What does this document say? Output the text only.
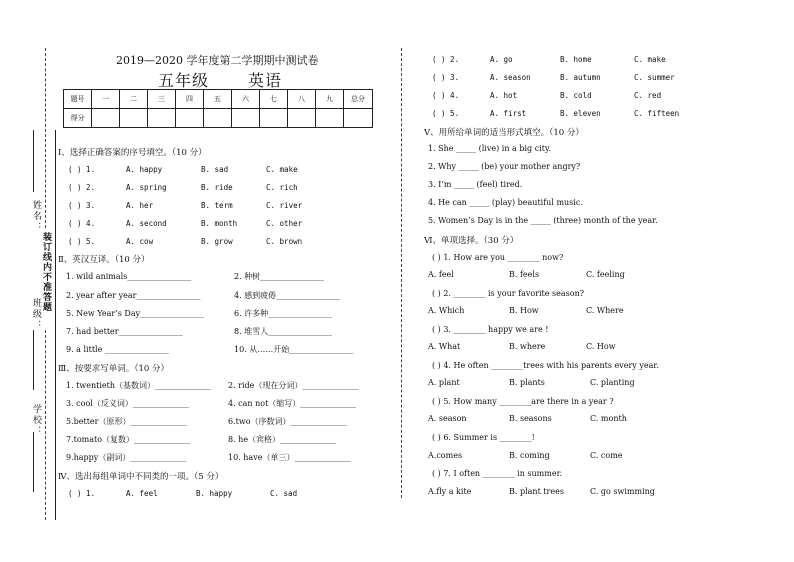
姓名：
班级：
学校：
装订线内不准答题
2019—2020 学年度第二学期期中测试卷
五年级 英语
题号	一	二	三	四	五	六	七	八	九	总分
得分										
Ⅰ、选择正确答案的序号填空。（10 分）
( ) 1.	A. happy	B. sad	C. make
( ) 2.	A. spring	B. ride	C. rich
( ) 3.	A. her	B. term	C. river
( ) 4.	A. second	B. month	C. other
( ) 5.	A. cow	B. grow	C. brown
Ⅱ、英汉互译。（10 分）
1. wild animals________________	2. 种树________________
2. year after year________________	4. 感到疲倦________________
5. New Year’s Day________________	6. 许多种________________
7. had better________________	8. 堆雪人________________
9. a little ________________	10. 从……开始________________
Ⅲ、按要求写单词。（10 分）
1. twentieth（基数词）______________ 2. ride（现在分词）______________
3. cool（反义词）______________	4. can not（缩写）______________
5.better（原形）______________	6.two（序数词）______________
7.tomato（复数）______________	8. he（宾格）______________
9.happy（副词）______________	10. have（单三）______________
Ⅳ、选出每组单词中不同类的一项。（5 分）
( ) 1.	A. feel	B. happy	C. sad
( ) 2.	A. go	B. home	C. make
( ) 3.	A. season	B. autumn	C. summer
( ) 4.	A. hot	B. cold	C. red
( ) 5.	A. first	B. eleven	C. fifteen
Ⅴ、用所给单词的适当形式填空。（10 分）
1. She _____ (live) in a big city.
2. Why _____ (be) your mother angry?
3. I’m _____ (feel) tired.
4. He can _____ (play) beautiful music.
5. Women’s Day is in the _____ (three) month of the year.
Ⅵ、单项选择。（30 分）
( ) 1. How are you ________ now?
A. feel	B. feels	C. feeling
( ) 2. ________ is your favorite season?
A. Which	B. How	C. Where
( ) 3. ________ happy we are !
A. What	B. where	C. How
( ) 4. He often ________trees with his parents every year.
A. plant	B. plants	C. planting
( ) 5. How many ________are there in a year ?
A. season	B. seasons	C. month
( ) 6. Summer is ________!
A.comes	B. coming	C. come
( ) 7. I often ________ in summer.
A.fly a kite	B. plant trees	C. go swimming
